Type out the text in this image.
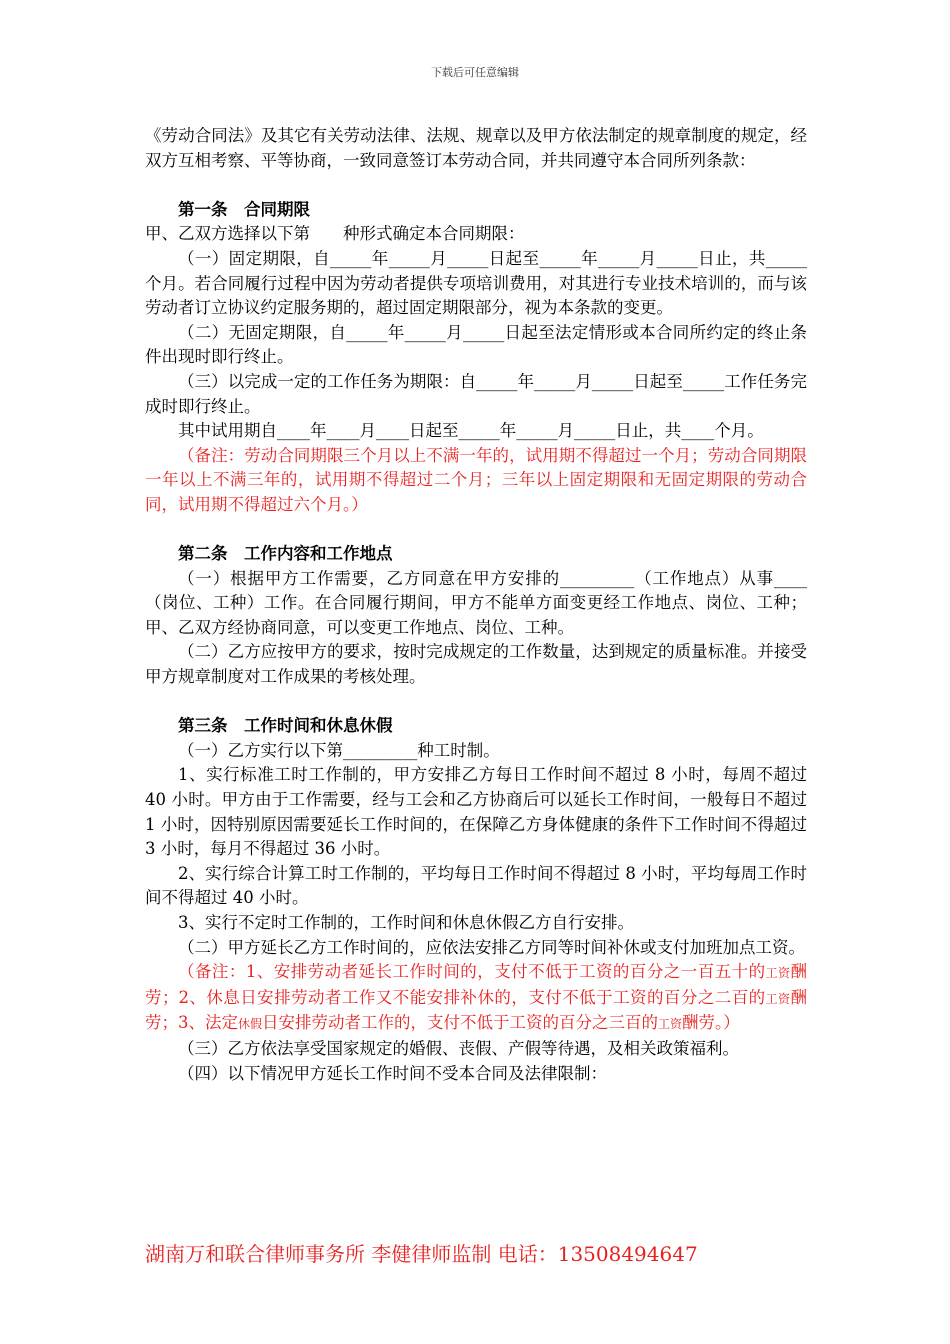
下载后可任意编辑

《劳动合同法》及其它有关劳动法律、法规、规章以及甲方依法制定的规章制度的规定，经双方互相考察、平等协商，一致同意签订本劳动合同，并共同遵守本合同所列条款：

第一条　合同期限

甲、乙双方选择以下第　　种形式确定本合同期限：

（一）固定期限，自_____年_____月_____日起至_____年_____月_____日止，共_____个月。若合同履行过程中因为劳动者提供专项培训费用，对其进行专业技术培训的，而与该劳动者订立协议约定服务期的，超过固定期限部分，视为本条款的变更。

（二）无固定期限，自_____年_____月_____日起至法定情形或本合同所约定的终止条件出现时即行终止。

（三）以完成一定的工作任务为期限：自_____年_____月_____日起至_____工作任务完成时即行终止。

其中试用期自____年____月____日起至_____年_____月_____日止，共____个月。

（备注：劳动合同期限三个月以上不满一年的，试用期不得超过一个月；劳动合同期限一年以上不满三年的，试用期不得超过二个月；三年以上固定期限和无固定期限的劳动合同，试用期不得超过六个月。）

第二条　工作内容和工作地点

（一）根据甲方工作需要，乙方同意在甲方安排的_________（工作地点）从事____（岗位、工种）工作。在合同履行期间，甲方不能单方面变更经工作地点、岗位、工种；甲、乙双方经协商同意，可以变更工作地点、岗位、工种。

（二）乙方应按甲方的要求，按时完成规定的工作数量，达到规定的质量标准。并接受甲方规章制度对工作成果的考核处理。

第三条　工作时间和休息休假

（一）乙方实行以下第_________种工时制。

1、实行标准工时工作制的，甲方安排乙方每日工作时间不超过 8 小时，每周不超过 40 小时。甲方由于工作需要，经与工会和乙方协商后可以延长工作时间，一般每日不超过 1 小时，因特别原因需要延长工作时间的，在保障乙方身体健康的条件下工作时间不得超过 3 小时，每月不得超过 36 小时。

2、实行综合计算工时工作制的，平均每日工作时间不得超过 8 小时，平均每周工作时间不得超过 40 小时。

3、实行不定时工作制的，工作时间和休息休假乙方自行安排。

（二）甲方延长乙方工作时间的，应依法安排乙方同等时间补休或支付加班加点工资。

（备注：1、安排劳动者延长工作时间的，支付不低于工资的百分之一百五十的工资酬劳；2、休息日安排劳动者工作又不能安排补休的，支付不低于工资的百分之二百的工资酬劳；3、法定休假日安排劳动者工作的，支付不低于工资的百分之三百的工资酬劳。）

（三）乙方依法享受国家规定的婚假、丧假、产假等待遇，及相关政策福利。

（四）以下情况甲方延长工作时间不受本合同及法律限制：

湖南万和联合律师事务所 李健律师监制 电话：13508494647
